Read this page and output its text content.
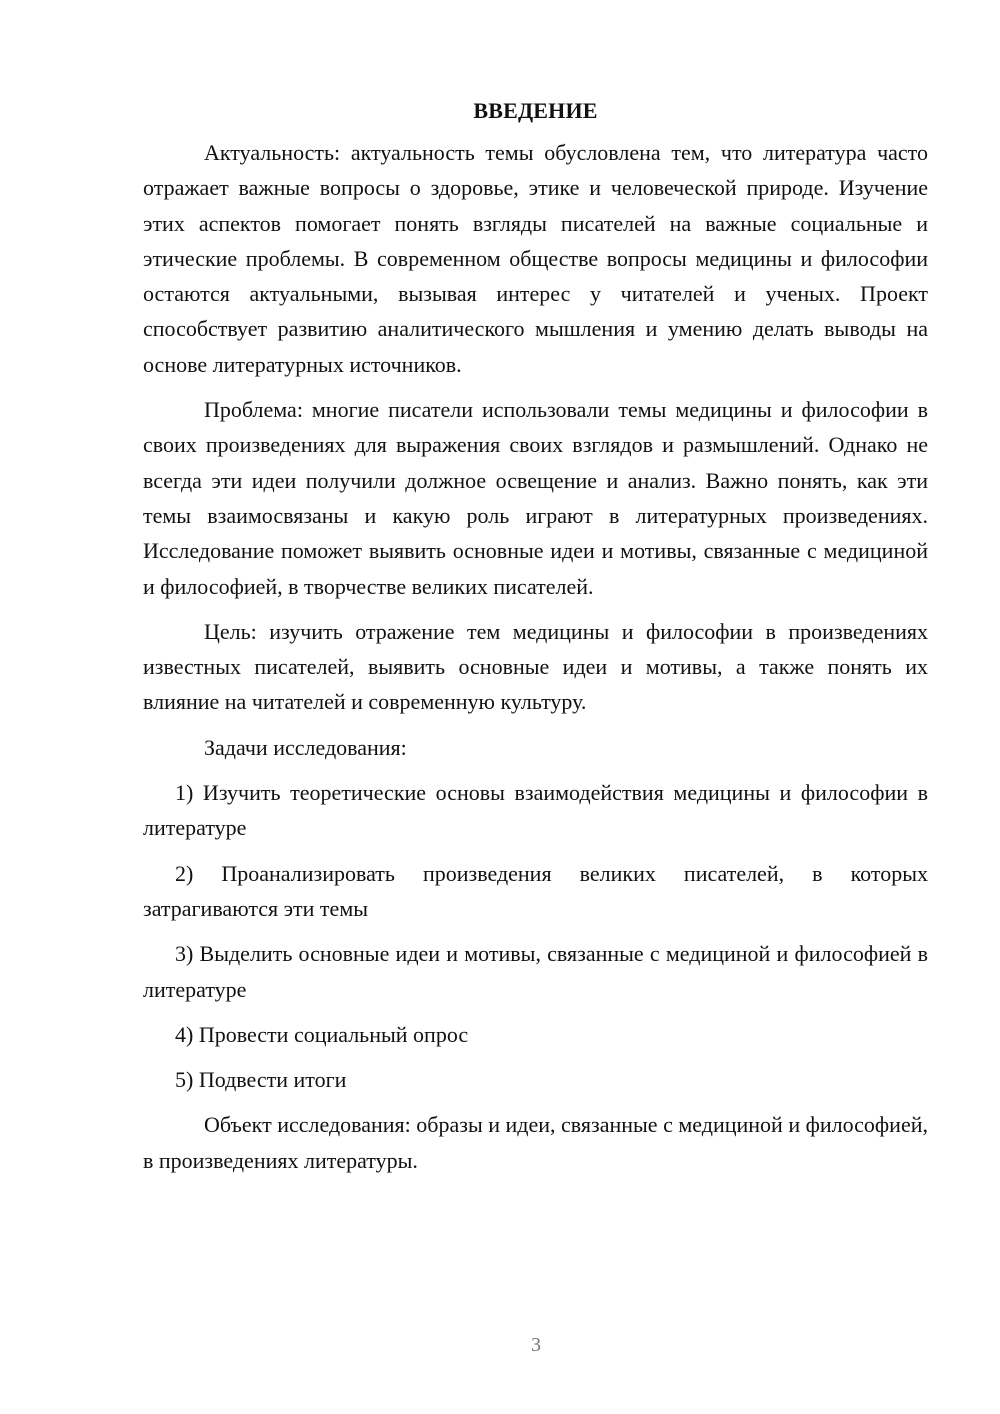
ВВЕДЕНИЕ

Актуальность: актуальность темы обусловлена тем, что литература часто отражает важные вопросы о здоровье, этике и человеческой природе. Изучение этих аспектов помогает понять взгляды писателей на важные социальные и этические проблемы. В современном обществе вопросы медицины и философии остаются актуальными, вызывая интерес у читателей и ученых. Проект способствует развитию аналитического мышления и умению делать выводы на основе литературных источников.

Проблема: многие писатели использовали темы медицины и философии в своих произведениях для выражения своих взглядов и размышлений. Однако не всегда эти идеи получили должное освещение и анализ. Важно понять, как эти темы взаимосвязаны и какую роль играют в литературных произведениях. Исследование поможет выявить основные идеи и мотивы, связанные с медициной и философией, в творчестве великих писателей.

Цель: изучить отражение тем медицины и философии в произведениях известных писателей, выявить основные идеи и мотивы, а также понять их влияние на читателей и современную культуру.

Задачи исследования:

1) Изучить теоретические основы взаимодействия медицины и философии в литературе

2) Проанализировать произведения великих писателей, в которых затрагиваются эти темы

3) Выделить основные идеи и мотивы, связанные с медициной и философией в литературе

4) Провести социальный опрос

5) Подвести итоги

Объект исследования: образы и идеи, связанные с медициной и философией, в произведениях литературы.

3
